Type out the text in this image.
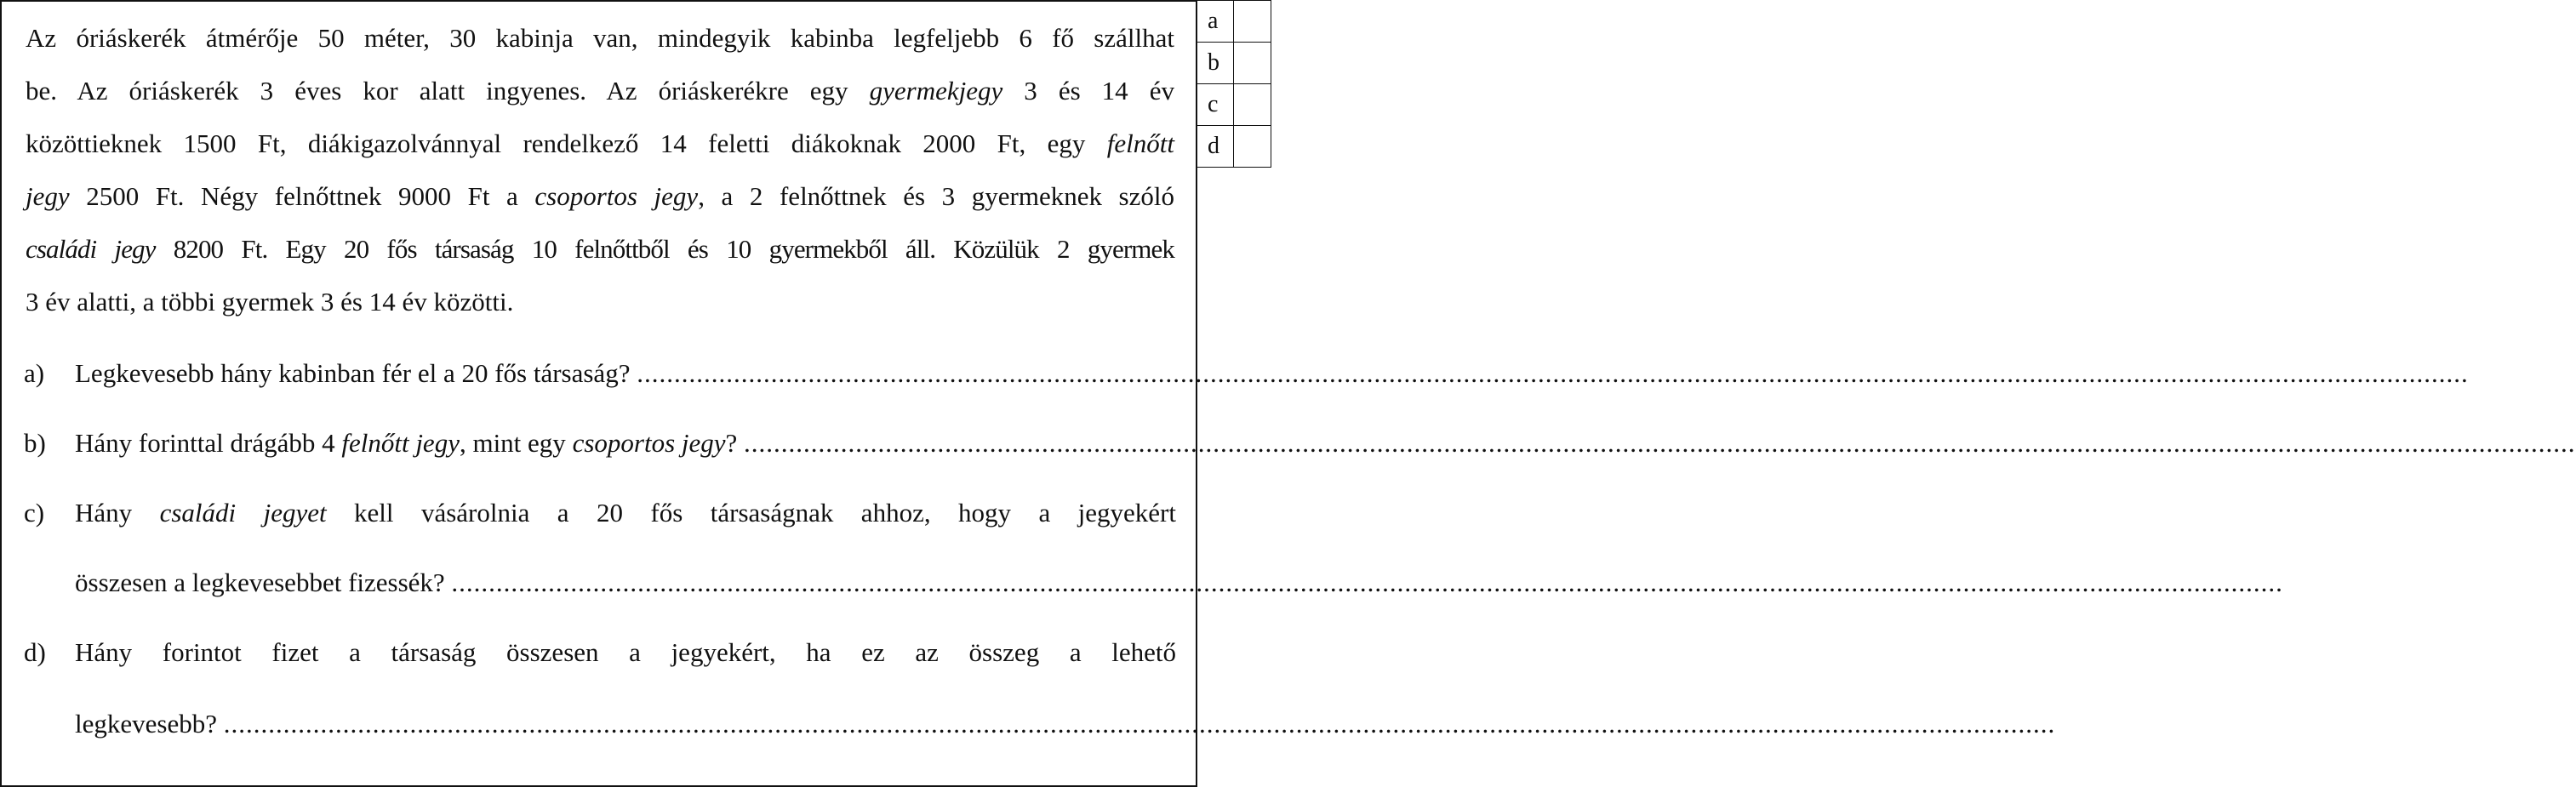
a	
b	
c	
d	
Az óriáskerék átmérője 50 méter, 30 kabinja van, mindegyik kabinba legfeljebb 6 fő szállhat
be. Az óriáskerék 3 éves kor alatt ingyenes. Az óriáskerékre egy gyermekjegy 3 és 14 év
közöttieknek 1500 Ft, diákigazolvánnyal rendelkező 14 feletti diákoknak 2000 Ft, egy felnőtt
jegy 2500 Ft. Négy felnőttnek 9000 Ft a csoportos jegy, a 2 felnőttnek és 3 gyermeknek szóló
családi jegy 8200 Ft. Egy 20 fős társaság 10 felnőttből és 10 gyermekből áll. Közülük 2 gyermek
3 év alatti, a többi gyermek 3 és 14 év közötti.
a) Legkevesebb hány kabinban fér el a 20 fős társaság? ......................................................................................................................................................................................................................................................
b) Hány forinttal drágább 4 felnőtt jegy, mint egy csoportos jegy? ......................................................................................................................................................................................................................................................
c) Hány családi jegyet kell vásárolnia a 20 fős társaságnak ahhoz, hogy a jegyekért
összesen a legkevesebbet fizessék? ......................................................................................................................................................................................................................................................
d) Hány forintot fizet a társaság összesen a jegyekért, ha ez az összeg a lehető
legkevesebb? ......................................................................................................................................................................................................................................................
